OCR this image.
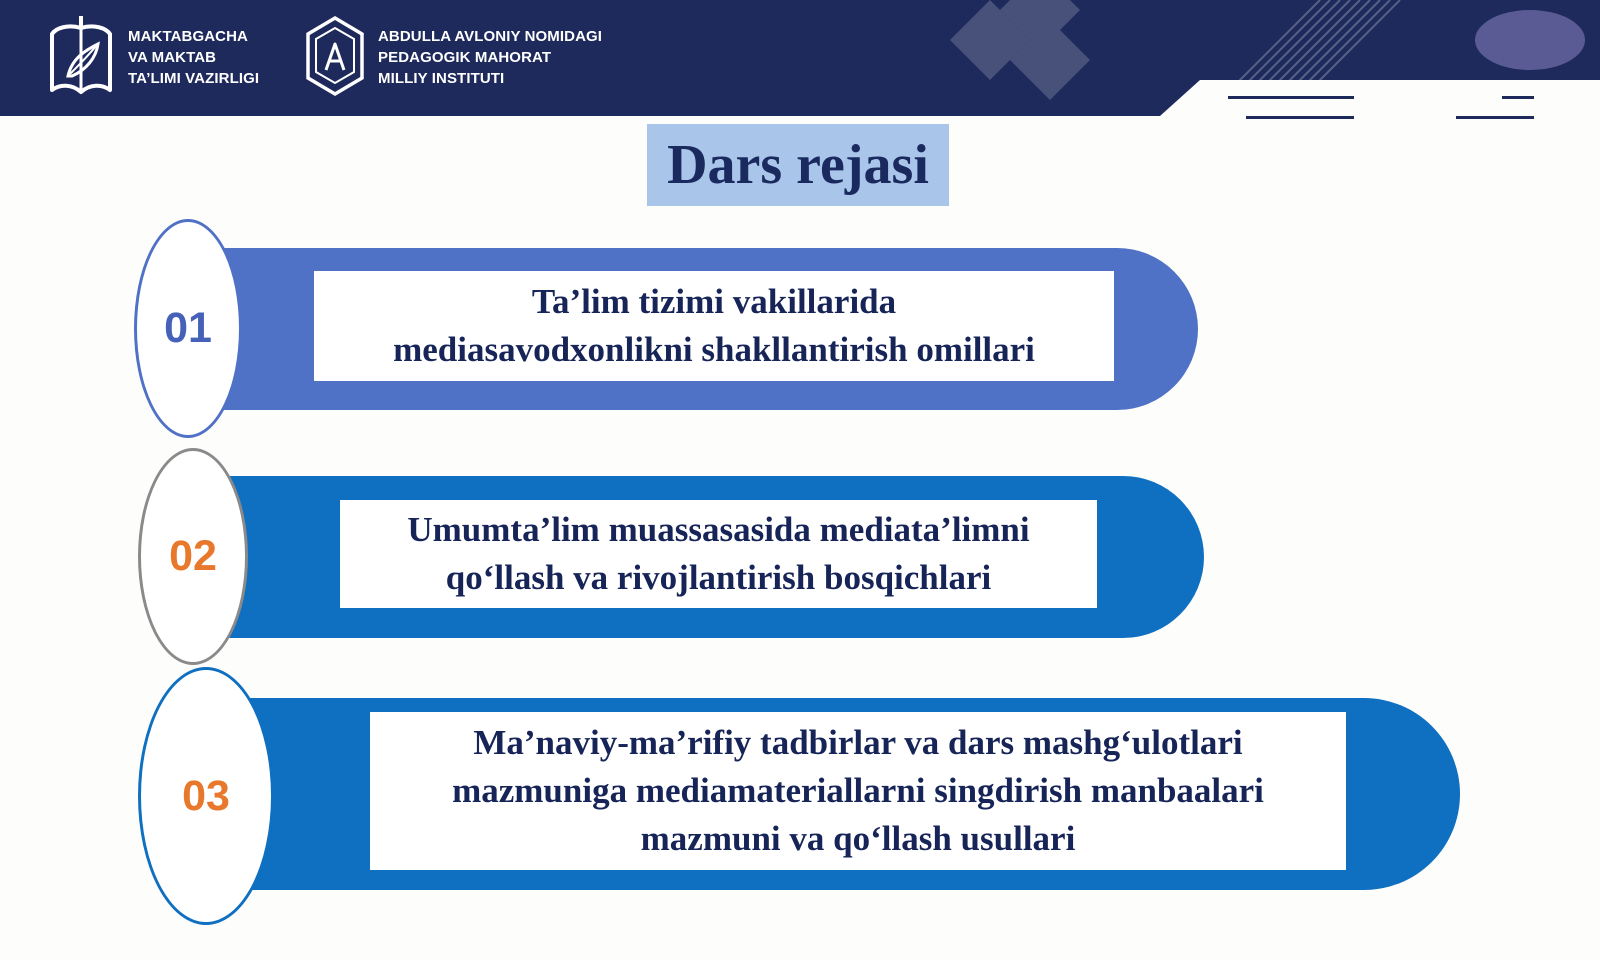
MAKTABGACHA
VA MAKTAB
TA’LIMI VAZIRLIGI
ABDULLA AVLONIY NOMIDAGI
PEDAGOGIK MAHORAT
MILLIY INSTITUTI
Dars rejasi
01
Ta’lim tizimi vakillarida
mediasavodxonlikni shakllantirish omillari
02
Umumta’lim muassasasida mediata’limni
qo‘llash va rivojlantirish bosqichlari
03
Ma’naviy-ma’rifiy tadbirlar va dars mashg‘ulotlari
mazmuniga mediamateriallarni singdirish manbaalari
mazmuni va qo‘llash usullari
